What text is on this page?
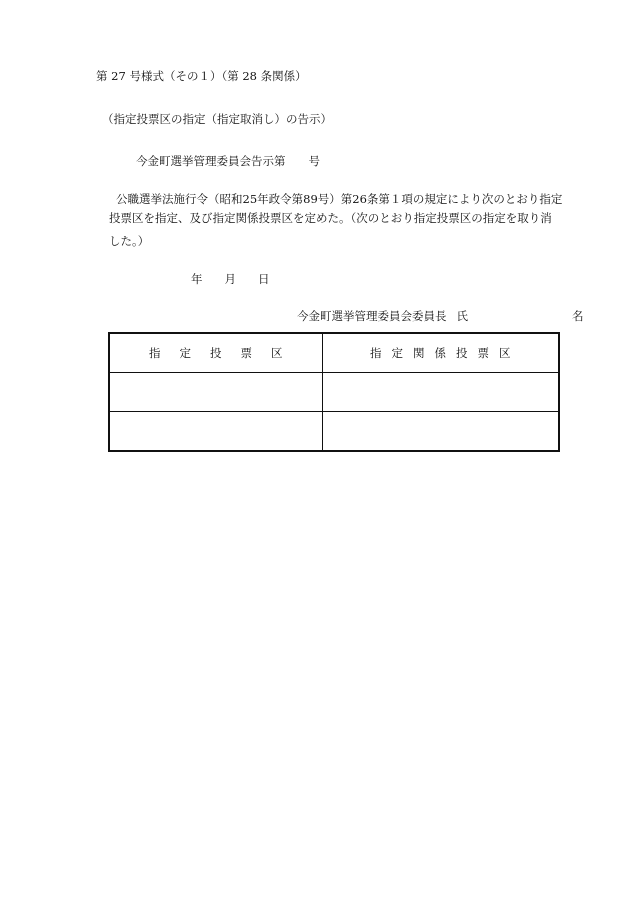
第 27 号様式（その１）（第 28 条関係）
（指定投票区の指定（指定取消し）の告示）
今金町選挙管理委員会告示第　　号
公職選挙法施行令（昭和25年政令第89号）第26条第１項の規定により次のとおり指定
投票区を指定、及び指定関係投票区を定めた。（次のとおり指定投票区の指定を取り消
した。）
年 月 日
今金町選挙管理委員会委員長 氏	名
指定投票区	指定関係投票区
